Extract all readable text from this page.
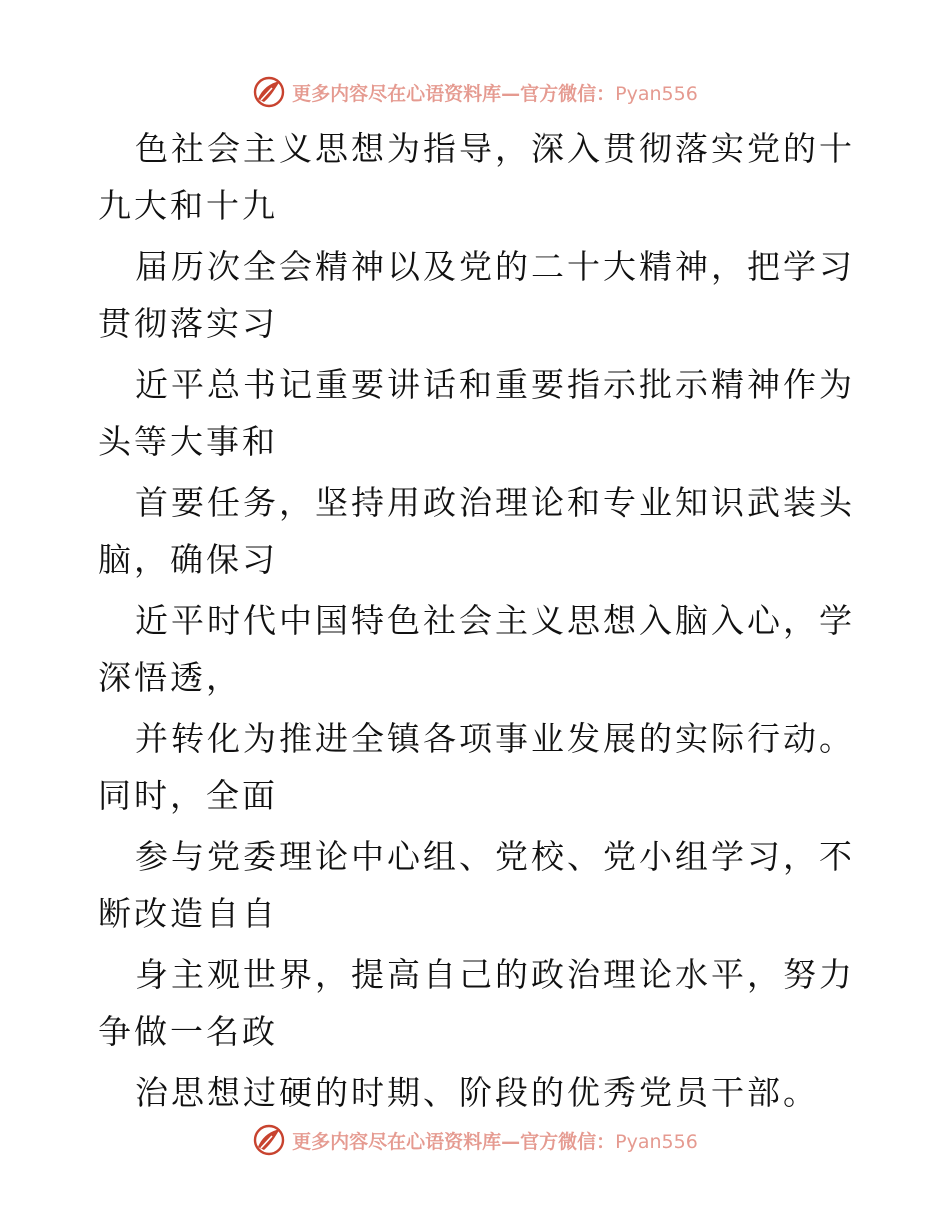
更多内容尽在心语资料库—官方微信：Pyan556

色社会主义思想为指导，深入贯彻落实党的十九大和十九

届历次全会精神以及党的二十大精神，把学习贯彻落实习

近平总书记重要讲话和重要指示批示精神作为头等大事和

首要任务，坚持用政治理论和专业知识武装头脑，确保习

近平时代中国特色社会主义思想入脑入心，学深悟透，

并转化为推进全镇各项事业发展的实际行动。同时，全面

参与党委理论中心组、党校、党小组学习，不断改造自自

身主观世界，提高自己的政治理论水平，努力争做一名政

治思想过硬的时期、阶段的优秀党员干部。

更多内容尽在心语资料库—官方微信：Pyan556
